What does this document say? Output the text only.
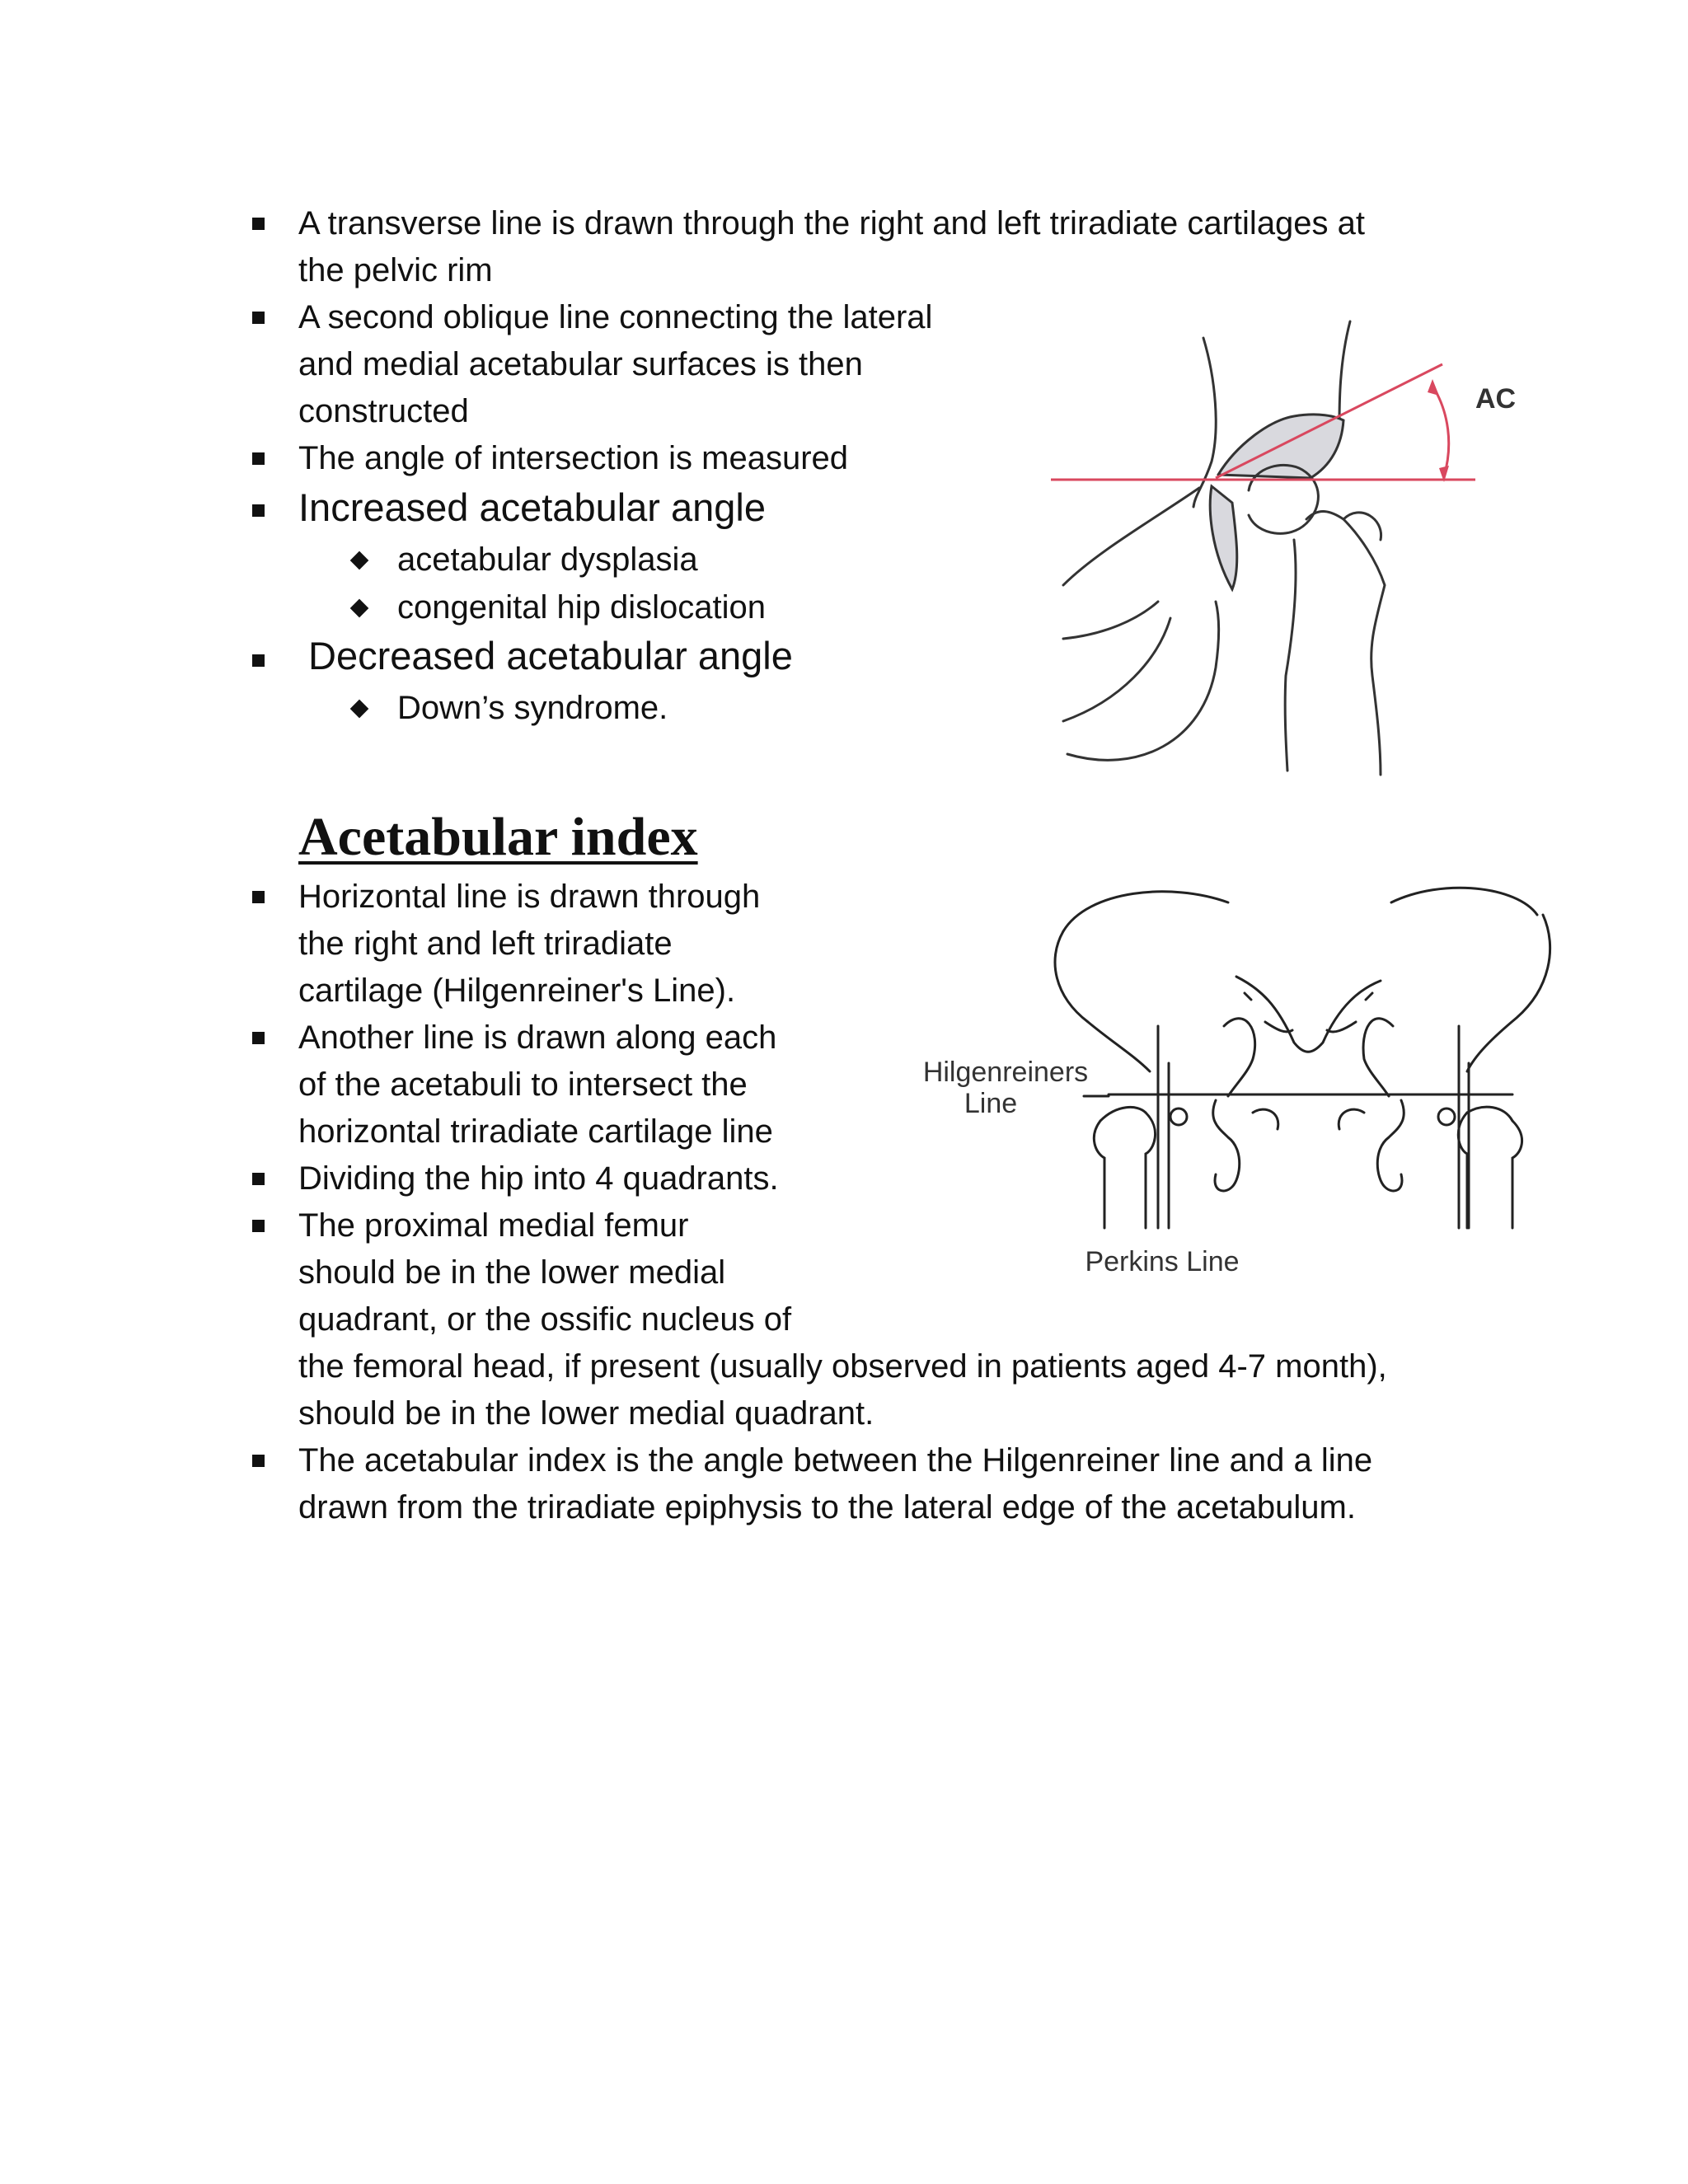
A transverse line is drawn through the right and left triradiate cartilages at
the pelvic rim
A second oblique line connecting the lateral
and medial acetabular surfaces is then
constructed
The angle of intersection is measured
Increased acetabular angle
acetabular dysplasia
congenital hip dislocation
Decreased acetabular angle
Down’s syndrome.
AC
Acetabular index
Horizontal line is drawn through
the right and left triradiate
cartilage (Hilgenreiner's Line).
Another line is drawn along each
of the acetabuli to intersect the
horizontal triradiate cartilage line
Dividing the hip into 4 quadrants.
The proximal medial femur
should be in the lower medial
quadrant, or the ossific nucleus of
the femoral head, if present (usually observed in patients aged 4-7 month),
should be in the lower medial quadrant.
The acetabular index is the angle between the Hilgenreiner line and a line
drawn from the triradiate epiphysis to the lateral edge of the acetabulum.
Hilgenreiners
Line
Perkins Line
